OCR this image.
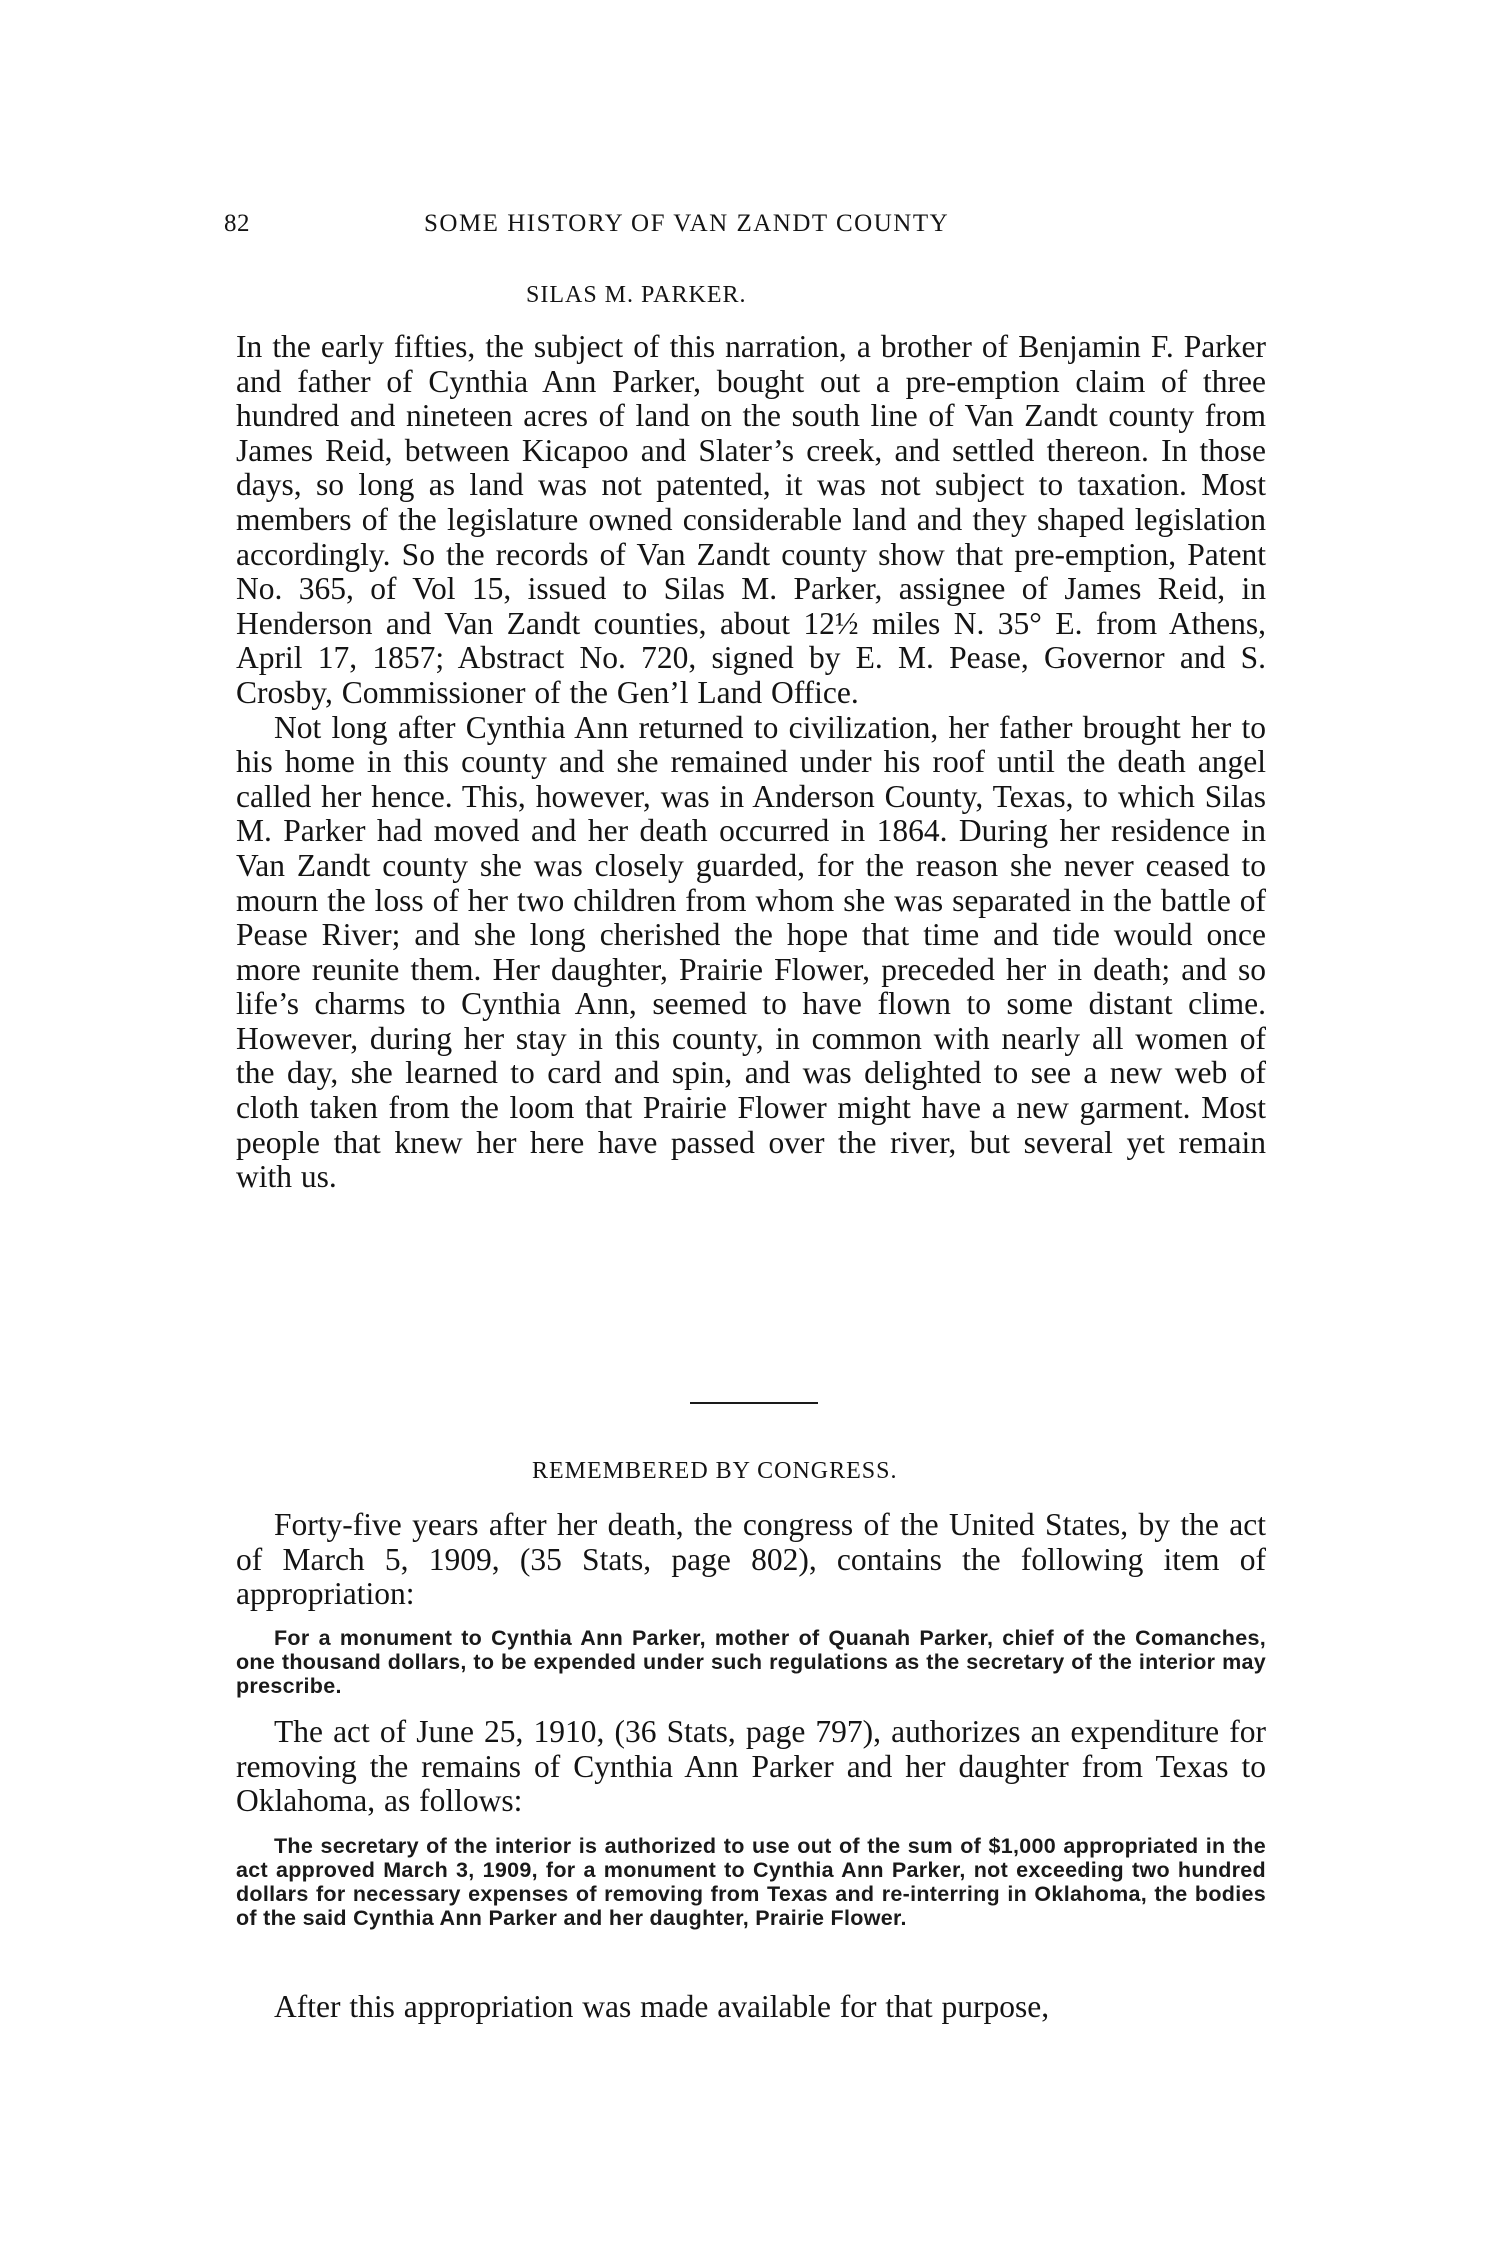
82	SOME HISTORY OF VAN ZANDT COUNTY
SILAS M. PARKER.

In the early fifties, the subject of this narration, a brother of Benjamin F. Parker and father of Cynthia Ann Parker, bought out a pre-emption claim of three hundred and nineteen acres of land on the south line of Van Zandt county from James Reid, between Kicapoo and Slater’s creek, and settled thereon. In those days, so long as land was not patented, it was not subject to taxation. Most members of the legislature owned considerable land and they shaped legislation accordingly. So the records of Van Zandt county show that pre-emption, Patent No. 365, of Vol 15, issued to Silas M. Parker, assignee of James Reid, in Henderson and Van Zandt counties, about 12½ miles N. 35° E. from Athens, April 17, 1857; Abstract No. 720, signed by E. M. Pease, Governor and S. Crosby, Commissioner of the Gen’l Land Office.

Not long after Cynthia Ann returned to civilization, her father brought her to his home in this county and she remained under his roof until the death angel called her hence. This, however, was in Anderson County, Texas, to which Silas M. Parker had moved and her death occurred in 1864. During her residence in Van Zandt county she was closely guarded, for the reason she never ceased to mourn the loss of her two children from whom she was separated in the battle of Pease River; and she long cherished the hope that time and tide would once more reunite them. Her daughter, Prairie Flower, preceded her in death; and so life’s charms to Cynthia Ann, seemed to have flown to some distant clime. However, during her stay in this county, in common with nearly all women of the day, she learned to card and spin, and was delighted to see a new web of cloth taken from the loom that Prairie Flower might have a new garment. Most people that knew her here have passed over the river, but several yet remain with us.

REMEMBERED BY CONGRESS.

Forty-five years after her death, the congress of the United States, by the act of March 5, 1909, (35 Stats, page 802), contains the following item of appropriation:

For a monument to Cynthia Ann Parker, mother of Quanah Parker, chief of the Comanches, one thousand dollars, to be expended under such regulations as the secretary of the interior may prescribe.

The act of June 25, 1910, (36 Stats, page 797), authorizes an expenditure for removing the remains of Cynthia Ann Parker and her daughter from Texas to Oklahoma, as follows:

The secretary of the interior is authorized to use out of the sum of $1,000 appropriated in the act approved March 3, 1909, for a monument to Cynthia Ann Parker, not exceeding two hundred dollars for necessary expenses of removing from Texas and re-interring in Oklahoma, the bodies of the said Cynthia Ann Parker and her daughter, Prairie Flower.

After this appropriation was made available for that purpose,
